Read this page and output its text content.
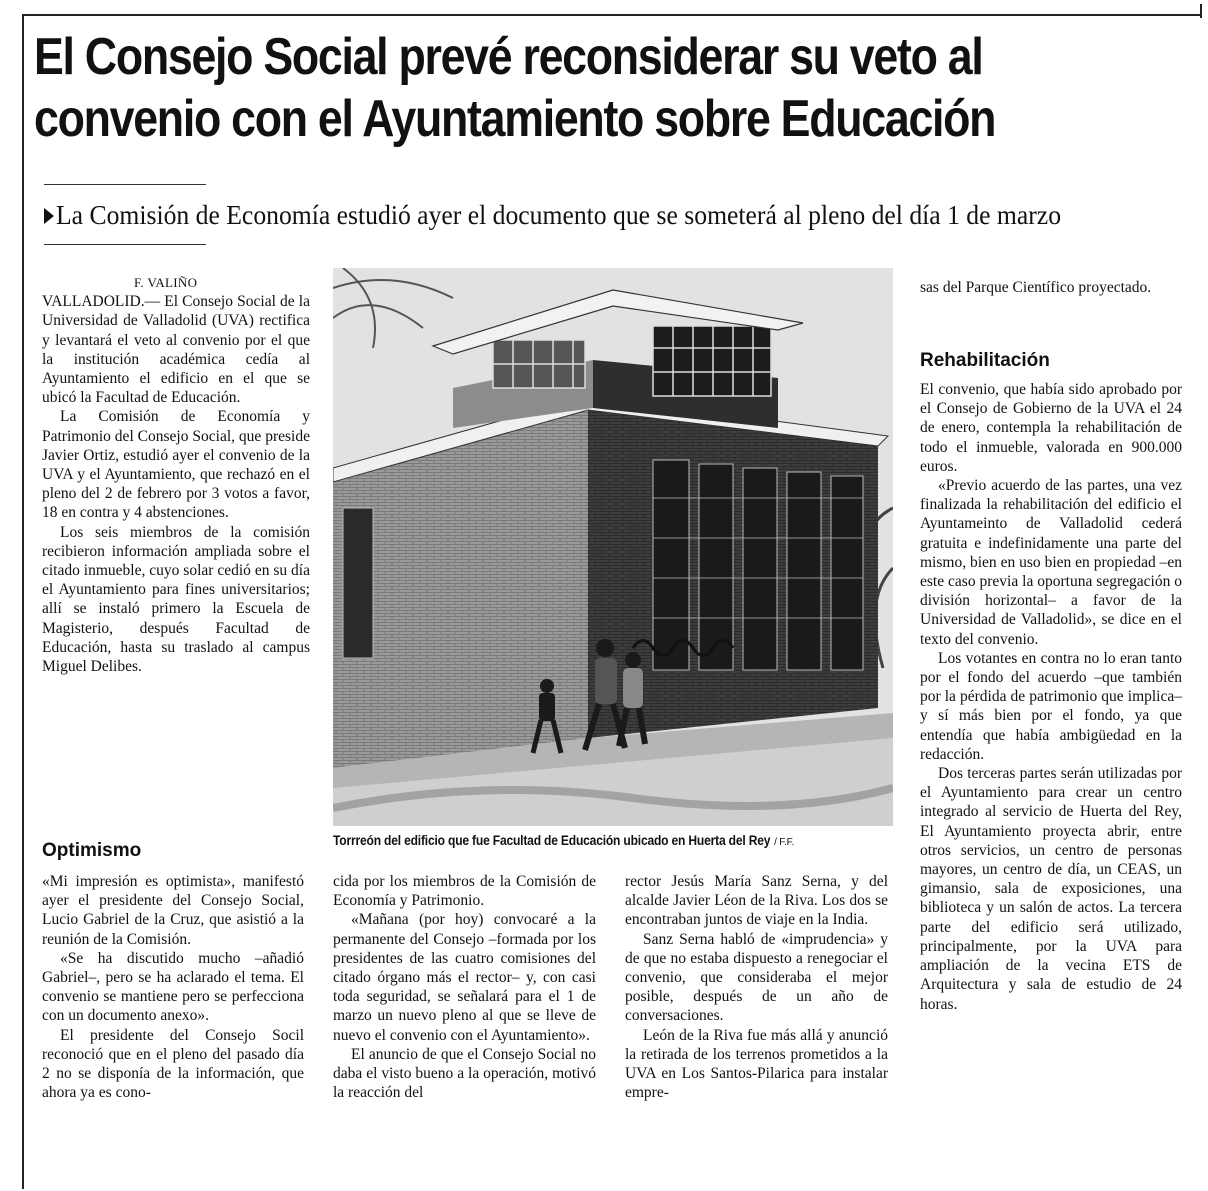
El Consejo Social prevé reconsiderar su veto al
convenio con el Ayuntamiento sobre Educación
La Comisión de Economía estudió ayer el documento que se someterá al pleno del día 1 de marzo

F. VALIÑO

VALLADOLID.— El Consejo Social de la Universidad de Valladolid (UVA) rectifica y levantará el veto al convenio por el que la institución académica cedía al Ayuntamiento el edificio en el que se ubicó la Facultad de Educación.

La Comisión de Economía y Patrimonio del Consejo Social, que preside Javier Ortiz, estudió ayer el convenio de la UVA y el Ayuntamiento, que rechazó en el pleno del 2 de febrero por 3 votos a favor, 18 en contra y 4 abstenciones.

Los seis miembros de la comisión recibieron información ampliada sobre el citado inmueble, cuyo solar cedió en su día el Ayuntamiento para fines universitarios; allí se instaló primero la Escuela de Magisterio, después Facultad de Educación, hasta su traslado al campus Miguel Delibes.

Optimismo

«Mi impresión es optimista», manifestó ayer el presidente del Consejo Social, Lucio Gabriel de la Cruz, que asistió a la reunión de la Comisión.

«Se ha discutido mucho –añadió Gabriel–, pero se ha aclarado el tema. El convenio se mantiene pero se perfecciona con un documento anexo».

El presidente del Consejo Socil reconoció que en el pleno del pasado día 2 no se disponía de la información, que ahora ya es cono-

Torrreón del edificio que fue Facultad de Educación ubicado en Huerta del Rey / F.F.

cida por los miembros de la Comisión de Economía y Patrimonio.

«Mañana (por hoy) convocaré a la permanente del Consejo –formada por los presidentes de las cuatro comisiones del citado órgano más el rector– y, con casi toda seguridad, se señalará para el 1 de marzo un nuevo pleno al que se lleve de nuevo el convenio con el Ayuntamiento».

El anuncio de que el Consejo Social no daba el visto bueno a la operación, motivó la reacción del

rector Jesús María Sanz Serna, y del alcalde Javier Léon de la Riva. Los dos se encontraban juntos de viaje en la India.

Sanz Serna habló de «imprudencia» y de que no estaba dispuesto a renegociar el convenio, que consideraba el mejor posible, después de un año de conversaciones.

León de la Riva fue más allá y anunció la retirada de los terrenos prometidos a la UVA en Los Santos-Pilarica para instalar empre-

sas del Parque Científico proyectado.

Rehabilitación

El convenio, que había sido aprobado por el Consejo de Gobierno de la UVA el 24 de enero, contempla la rehabilitación de todo el inmueble, valorada en 900.000 euros.

«Previo acuerdo de las partes, una vez finalizada la rehabilitación del edificio el Ayuntameinto de Valladolid cederá gratuita e indefinidamente una parte del mismo, bien en uso bien en propiedad –en este caso previa la oportuna segregación o división horizontal– a favor de la Universidad de Valladolid», se dice en el texto del convenio.

Los votantes en contra no lo eran tanto por el fondo del acuerdo –que también por la pérdida de patrimonio que implica– y sí más bien por el fondo, ya que entendía que había ambigüedad en la redacción.

Dos terceras partes serán utilizadas por el Ayuntamiento para crear un centro integrado al servicio de Huerta del Rey, El Ayuntamiento proyecta abrir, entre otros servicios, un centro de personas mayores, un centro de día, un CEAS, un gimansio, sala de exposiciones, una biblioteca y un salón de actos. La tercera parte del edificio será utilizado, principalmente, por la UVA para ampliación de la vecina ETS de Arquitectura y sala de estudio de 24 horas.
